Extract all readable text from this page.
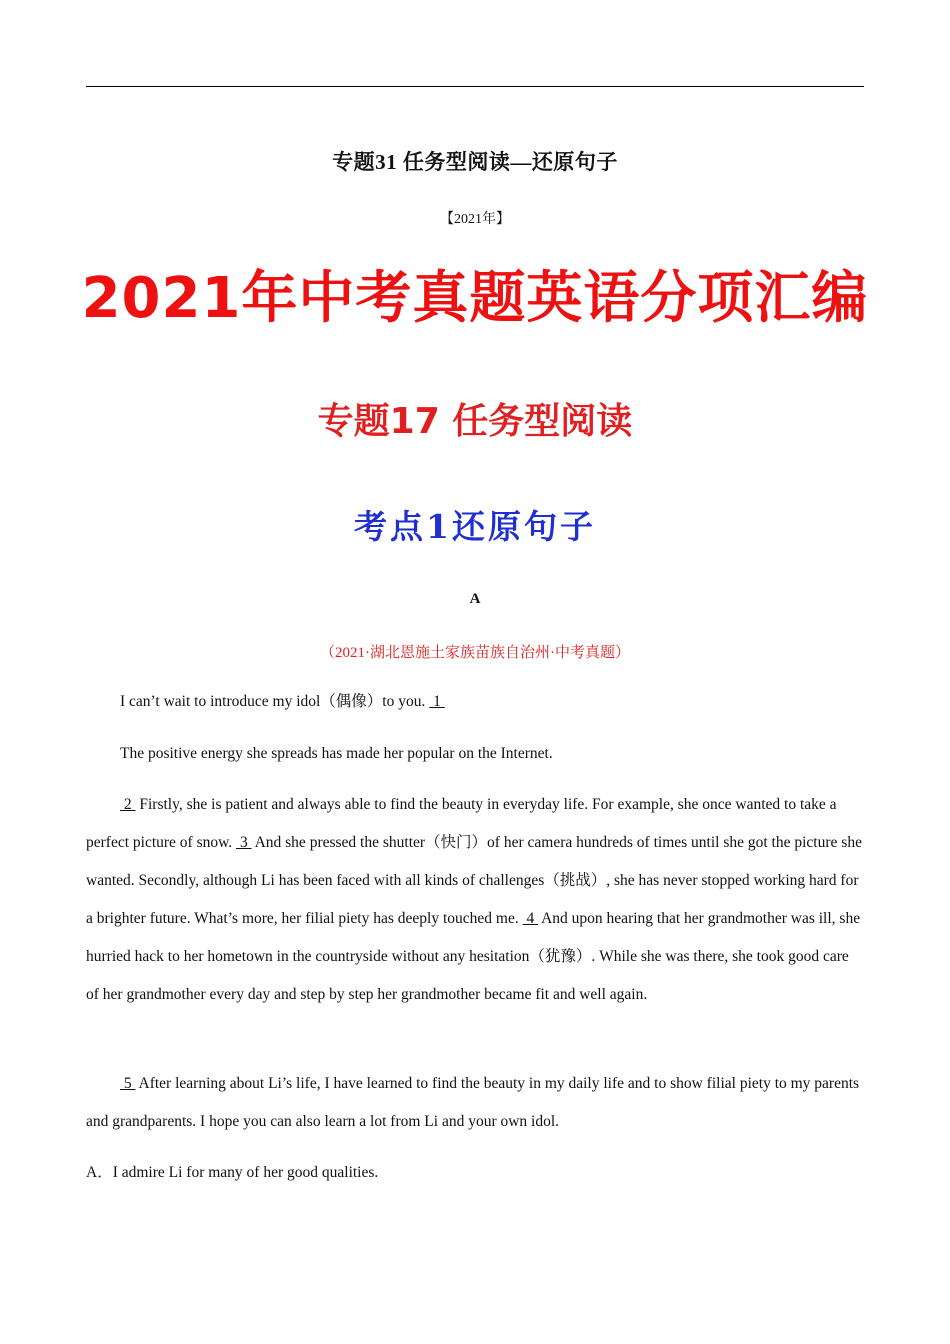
专题31 任务型阅读—还原句子
【2021年】
2021年中考真题英语分项汇编
专题17 任务型阅读
考点1还原句子
A
（2021·湖北恩施土家族苗族自治州·中考真题）

I can’t wait to introduce my idol（偶像）to you.  1

The positive energy she spreads has made her popular on the Internet.

2  Firstly, she is patient and always able to find the beauty in everyday life. For example, she once wanted to take a perfect picture of snow.  3  And she pressed the shutter（快门）of her camera hundreds of times until she got the picture she wanted. Secondly, although Li has been faced with all kinds of challenges（挑战）, she has never stopped working hard for a brighter future. What’s more, her filial piety has deeply touched me.  4  And upon hearing that her grandmother was ill, she hurried hack to her hometown in the countryside without any hesitation（犹豫）. While she was there, she took good care of her grandmother every day and step by step her grandmother became fit and well again.

5  After learning about Li’s life, I have learned to find the beauty in my daily life and to show filial piety to my parents and grandparents. I hope you can also learn a lot from Li and your own idol.

A．I admire Li for many of her good qualities.
